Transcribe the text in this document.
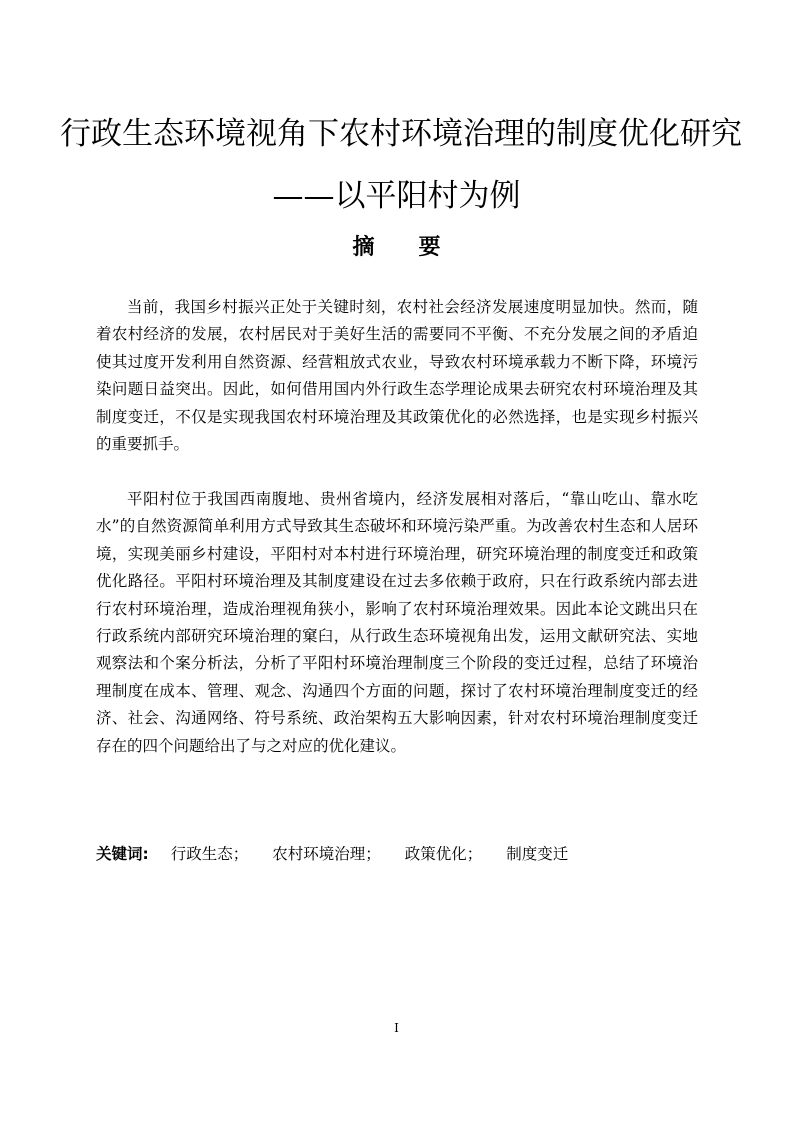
行政生态环境视角下农村环境治理的制度优化研究
——以平阳村为例
摘　　要

当前，我国乡村振兴正处于关键时刻，农村社会经济发展速度明显加快。然而，随着农村经济的发展，农村居民对于美好生活的需要同不平衡、不充分发展之间的矛盾迫使其过度开发利用自然资源、经营粗放式农业，导致农村环境承载力不断下降，环境污染问题日益突出。因此，如何借用国内外行政生态学理论成果去研究农村环境治理及其制度变迁，不仅是实现我国农村环境治理及其政策优化的必然选择，也是实现乡村振兴的重要抓手。

平阳村位于我国西南腹地、贵州省境内，经济发展相对落后，“靠山吃山、靠水吃水”的自然资源简单利用方式导致其生态破坏和环境污染严重。为改善农村生态和人居环境，实现美丽乡村建设，平阳村对本村进行环境治理，研究环境治理的制度变迁和政策优化路径。平阳村环境治理及其制度建设在过去多依赖于政府，只在行政系统内部去进行农村环境治理，造成治理视角狭小，影响了农村环境治理效果。因此本论文跳出只在行政系统内部研究环境治理的窠臼，从行政生态环境视角出发，运用文献研究法、实地观察法和个案分析法，分析了平阳村环境治理制度三个阶段的变迁过程，总结了环境治理制度在成本、管理、观念、沟通四个方面的问题，探讨了农村环境治理制度变迁的经济、社会、沟通网络、符号系统、政治架构五大影响因素，针对农村环境治理制度变迁存在的四个问题给出了与之对应的优化建议。

关键词: 行政生态； 农村环境治理； 政策优化； 制度变迁
I
